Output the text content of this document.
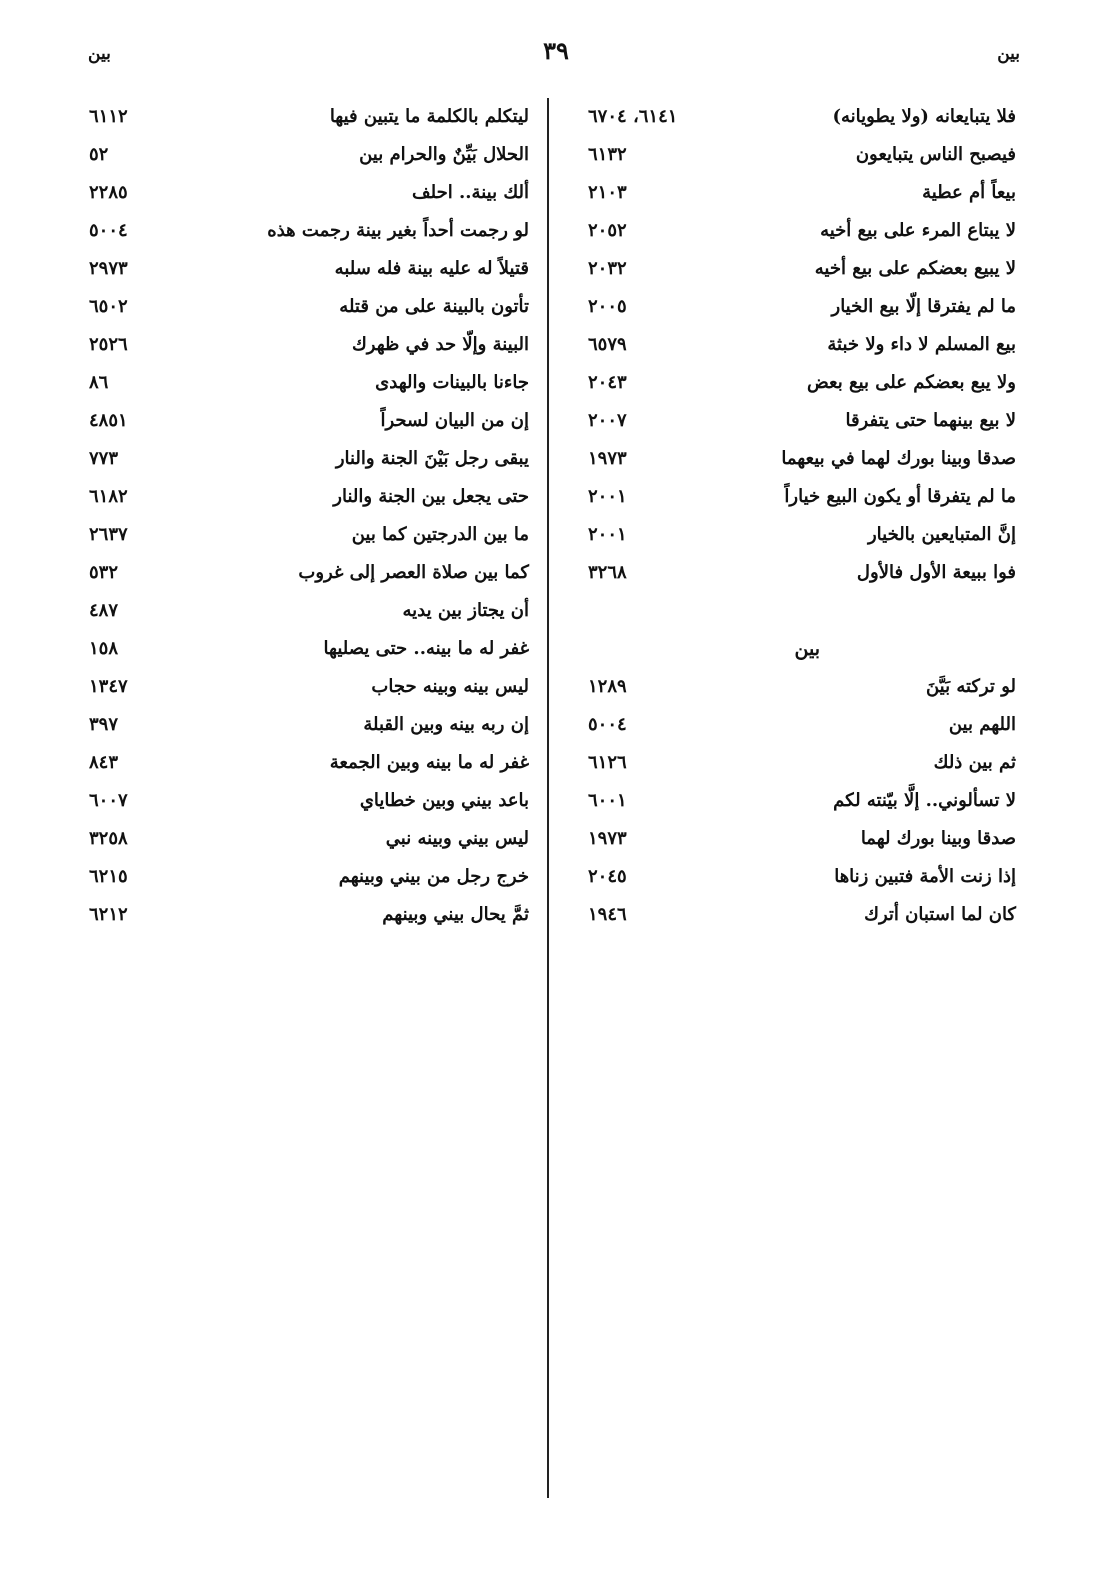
بين
٣٩
بين
فلا يتبايعانه (ولا يطويانه)
٦١٤١، ٦٧٠٤
فيصبح الناس يتبايعون
٦١٣٢
بيعاً أم عطية
٢١٠٣
لا يبتاع المرء على بيع أخيه
٢٠٥٢
لا يبيع بعضكم على بيع أخيه
٢٠٣٢
ما لم يفترقا إلّا بيع الخيار
٢٠٠٥
بيع المسلم لا داء ولا خبثة
٦٥٧٩
ولا يبع بعضكم على بيع بعض
٢٠٤٣
لا بيع بينهما حتى يتفرقا
٢٠٠٧
صدقا وبينا بورك لهما في بيعهما
١٩٧٣
ما لم يتفرقا أو يكون البيع خياراً
٢٠٠١
إنَّ المتبايعين بالخيار
٢٠٠١
فوا ببيعة الأول فالأول
٣٢٦٨
بين
لو تركته بَيَّنَ
١٢٨٩
اللهم بين
٥٠٠٤
ثم بين ذلك
٦١٢٦
لا تسألوني.. إلَّا بيّنته لكم
٦٠٠١
صدقا وبينا بورك لهما
١٩٧٣
إذا زنت الأمة فتبين زناها
٢٠٤٥
كان لما استبان أترك
١٩٤٦
ليتكلم بالكلمة ما يتبين فيها
٦١١٢
الحلال بَيِّنٌ والحرام بين
٥٢
ألك بينة.. احلف
٢٢٨٥
لو رجمت أحداً بغير بينة رجمت هذه
٥٠٠٤
قتيلاً له عليه بينة فله سلبه
٢٩٧٣
تأتون بالبينة على من قتله
٦٥٠٢
البينة وإلّا حد في ظهرك
٢٥٢٦
جاءنا بالبينات والهدى
٨٦
إن من البيان لسحراً
٤٨٥١
يبقى رجل بَيْنَ الجنة والنار
٧٧٣
حتى يجعل بين الجنة والنار
٦١٨٢
ما بين الدرجتين كما بين
٢٦٣٧
كما بين صلاة العصر إلى غروب
٥٣٢
أن يجتاز بين يديه
٤٨٧
غفر له ما بينه.. حتى يصليها
١٥٨
ليس بينه وبينه حجاب
١٣٤٧
إن ربه بينه وبين القبلة
٣٩٧
غفر له ما بينه وبين الجمعة
٨٤٣
باعد بيني وبين خطاياي
٦٠٠٧
ليس بيني وبينه نبي
٣٢٥٨
خرج رجل من بيني وبينهم
٦٢١٥
ثمَّ يحال بيني وبينهم
٦٢١٢
